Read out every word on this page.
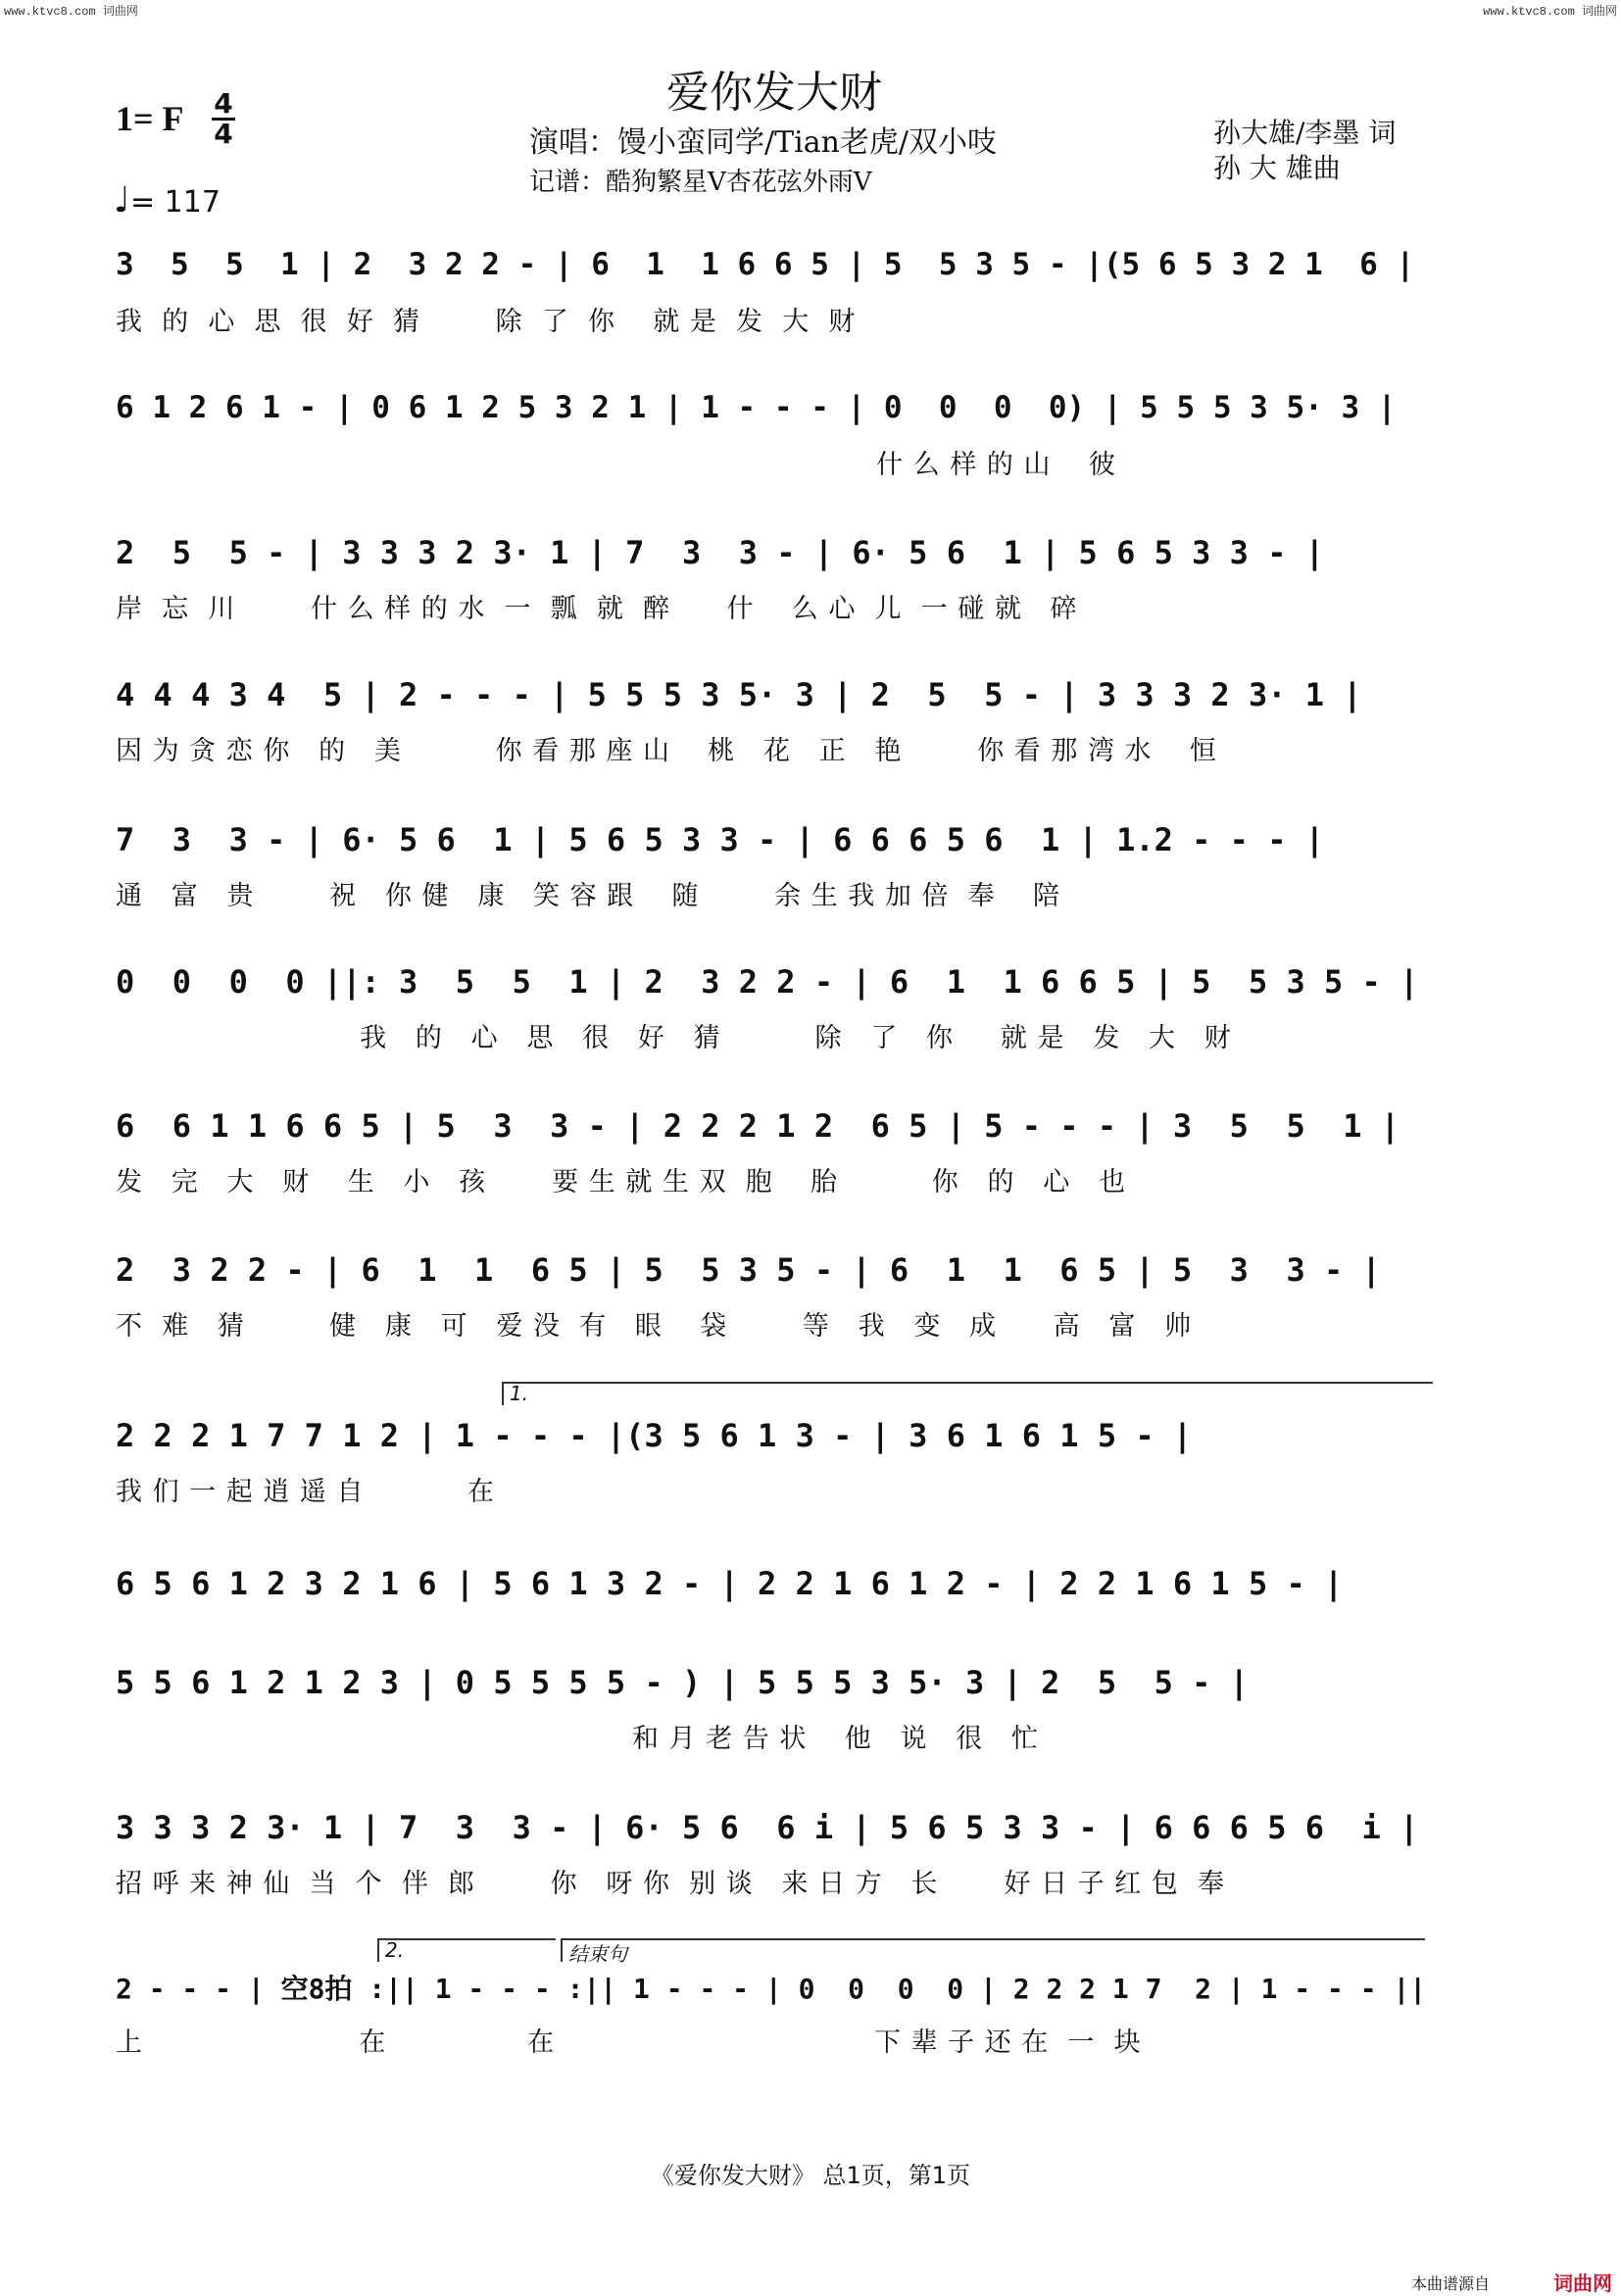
www.ktvc8.com 词曲网	www.ktvc8.com 词曲网
爱你发大财
1= F 4
4
♩= 117
演唱：馒小蛮同学/Tian老虎/双小吱
记谱：酷狗繁星V杏花弦外雨V
孙大雄/李墨 词
孙 大 雄曲
3  5  5  1 | 2  3 2 2 - | 6  1  1 6 6 5 | 5  5 3 5 - |(5 6 5 3 2 1  6 |
我  的  心  思  很  好  猜        除  了  你    就 是  发  大  财
6 1 2 6 1 - | 0 6 1 2 5 3 2 1 | 1 - - - | 0  0  0  0) | 5 5 5 3 5· 3 |
什 么 样 的 山    彼
2  5  5 - | 3 3 3 2 3· 1 | 7  3  3 - | 6· 5 6  1 | 5 6 5 3 3 - |
岸  忘  川        什 么 样 的 水  一  瓢  就  醉      什    么 心  儿  一 碰 就   碎
4 4 4 3 4  5 | 2 - - - | 5 5 5 3 5· 3 | 2  5  5 - | 3 3 3 2 3· 1 |
因 为 贪 恋 你   的   美          你 看 那 座 山    桃   花   正   艳        你 看 那 湾 水    恒
7  3  3 - | 6· 5 6  1 | 5 6 5 3 3 - | 6 6 6 5 6  1 | 1.2 - - - |
通   富   贵        祝   你 健   康   笑 容 跟    随        余 生 我 加 倍  奉    陪
0  0  0  0 ||: 3  5  5  1 | 2  3 2 2 - | 6  1  1 6 6 5 | 5  5 3 5 - |
我   的   心   思   很   好   猜          除   了   你     就 是   发   大   财
6  6 1 1 6 6 5 | 5  3  3 - | 2 2 2 1 2  6 5 | 5 - - - | 3  5  5  1 |
发   完   大   财    生   小   孩       要 生 就 生 双  胞    胎          你   的   心   也
2  3 2 2 - | 6  1  1  6 5 | 5  5 3 5 - | 6  1  1  6 5 | 5  3  3 - |
不  难   猜         健   康   可   爱 没  有   眼    袋        等   我   变   成      高   富   帅
2 2 2 1 7 7 1 2 | 1 - - - |(3 5 6 1 3 - | 3 6 1 6 1 5 - |
我 们 一 起 逍 遥 自           在
6 5 6 1 2 3 2 1 6 | 5 6 1 3 2 - | 2 2 1 6 1 2 - | 2 2 1 6 1 5 - |
5 5 6 1 2 1 2 3 | 0 5 5 5 5 - ) | 5 5 5 3 5· 3 | 2  5  5 - |
和 月 老 告 状    他   说   很   忙
3 3 3 2 3· 1 | 7  3  3 - | 6· 5 6  6 i | 5 6 5 3 3 - | 6 6 6 5 6  i |
招 呼 来 神 仙  当  个  伴  郎        你   呀 你  别 谈   来 日 方   长       好 日 子 红 包  奉
2 - - - | 空8拍 :|| 1 - - - :|| 1 - - - | 0  0  0  0 | 2 2 2 1 7  2 | 1 - - - ||
上                       在               在                                  下 辈 子 还 在  一  块
1.
2.	结束句
《爱你发大财》 总1页，第1页
本曲谱源自	词曲网
